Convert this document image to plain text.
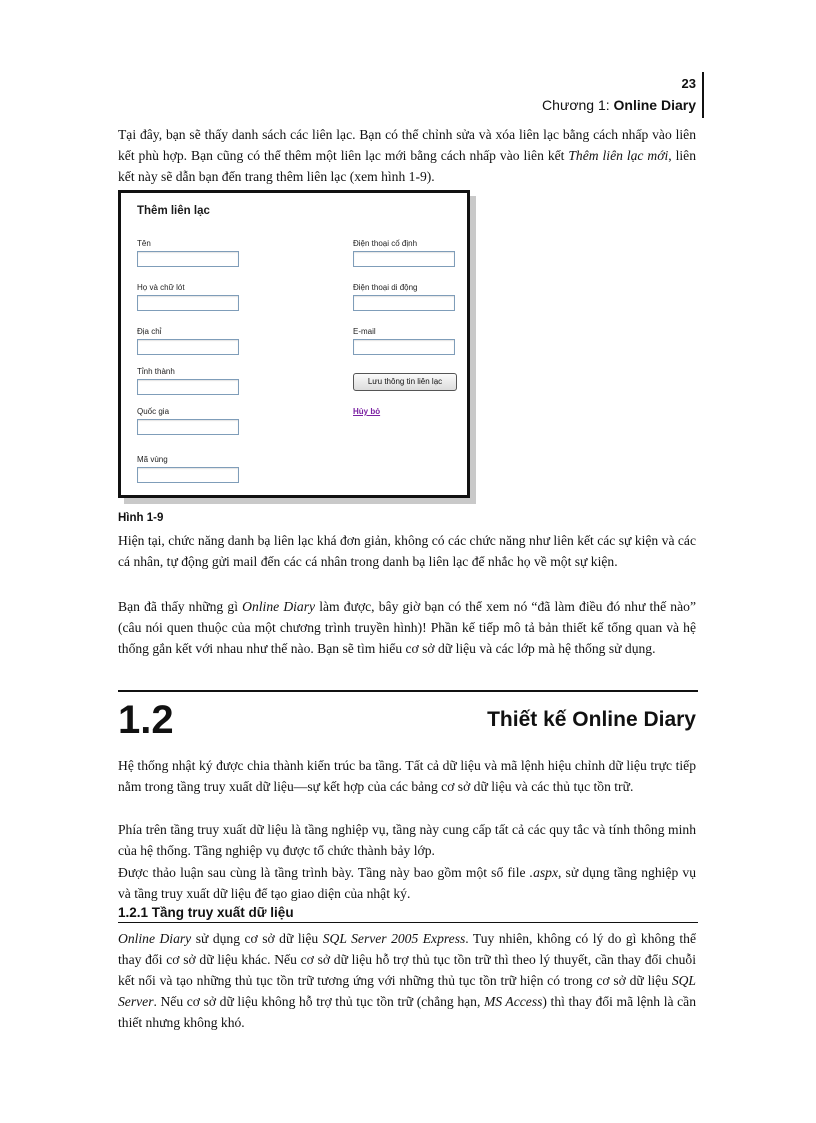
23
Chương 1: Online Diary
Tại đây, bạn sẽ thấy danh sách các liên lạc. Bạn có thể chỉnh sửa và xóa liên lạc bằng cách nhấp vào liên kết phù hợp. Bạn cũng có thể thêm một liên lạc mới bằng cách nhấp vào liên kết Thêm liên lạc mới, liên kết này sẽ dẫn bạn đến trang thêm liên lạc (xem hình 1-9).
Thêm liên lạc
Tên
Họ và chữ lót
Địa chỉ
Tỉnh thành
Quốc gia
Mã vùng
Điện thoại cố định
Điện thoại di động
E-mail
Lưu thông tin liên lạc
Hủy bỏ
Hình 1-9
Hiện tại, chức năng danh bạ liên lạc khá đơn giản, không có các chức năng như liên kết các sự kiện và các cá nhân, tự động gửi mail đến các cá nhân trong danh bạ liên lạc để nhắc họ về một sự kiện.
Bạn đã thấy những gì Online Diary làm được, bây giờ bạn có thể xem nó “đã làm điều đó như thế nào” (câu nói quen thuộc của một chương trình truyền hình)! Phần kế tiếp mô tả bản thiết kế tổng quan và hệ thống gắn kết với nhau như thế nào. Bạn sẽ tìm hiểu cơ sở dữ liệu và các lớp mà hệ thống sử dụng.
1.2	Thiết kế Online Diary
Hệ thống nhật ký được chia thành kiến trúc ba tầng. Tất cả dữ liệu và mã lệnh hiệu chỉnh dữ liệu trực tiếp nằm trong tầng truy xuất dữ liệu—sự kết hợp của các bảng cơ sở dữ liệu và các thủ tục tồn trữ.
Phía trên tầng truy xuất dữ liệu là tầng nghiệp vụ, tầng này cung cấp tất cả các quy tắc và tính thông minh của hệ thống. Tầng nghiệp vụ được tổ chức thành bảy lớp.
Được thảo luận sau cùng là tầng trình bày. Tầng này bao gồm một số file .aspx, sử dụng tầng nghiệp vụ và tầng truy xuất dữ liệu để tạo giao diện của nhật ký.
1.2.1 Tầng truy xuất dữ liệu
Online Diary sử dụng cơ sở dữ liệu SQL Server 2005 Express. Tuy nhiên, không có lý do gì không thể thay đổi cơ sở dữ liệu khác. Nếu cơ sở dữ liệu hỗ trợ thủ tục tồn trữ thì theo lý thuyết, cần thay đổi chuỗi kết nối và tạo những thủ tục tồn trữ tương ứng với những thủ tục tồn trữ hiện có trong cơ sở dữ liệu SQL Server. Nếu cơ sở dữ liệu không hỗ trợ thủ tục tồn trữ (chẳng hạn, MS Access) thì thay đổi mã lệnh là cần thiết nhưng không khó.
